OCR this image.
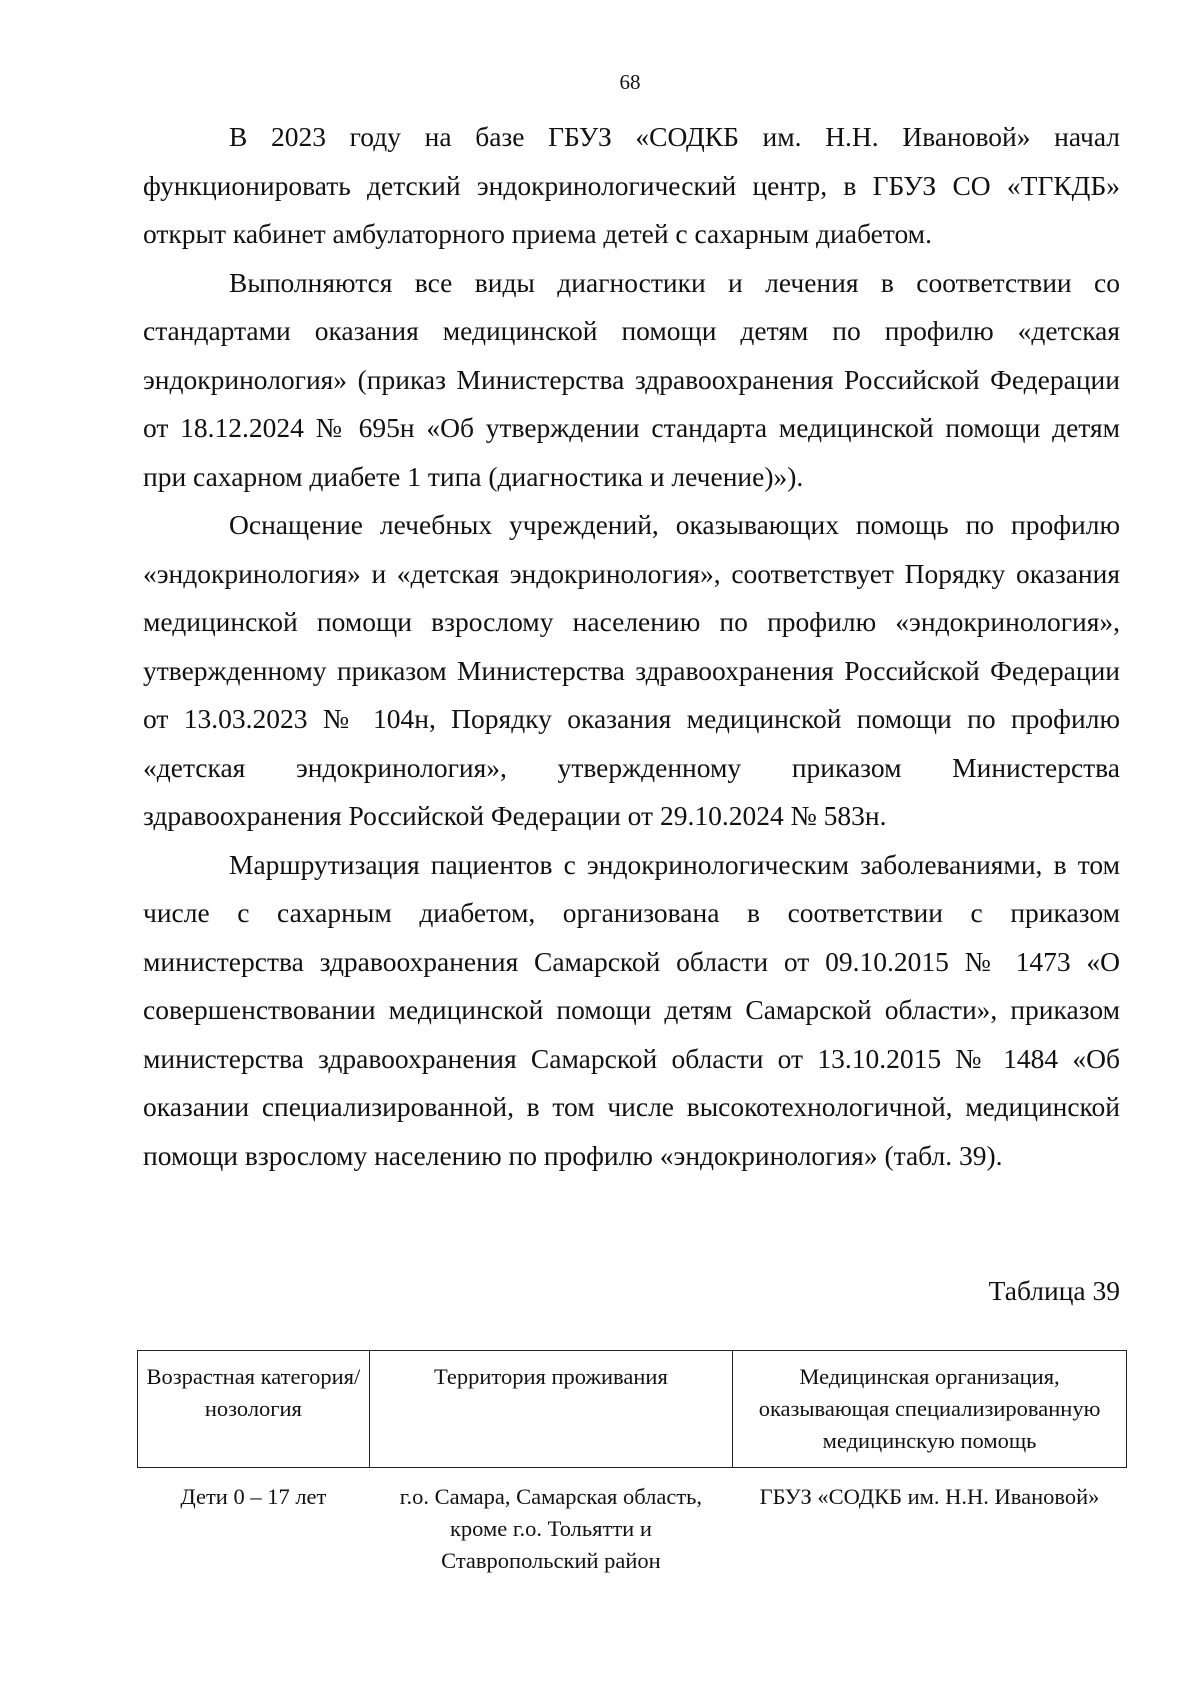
68

В 2023 году на базе ГБУЗ «СОДКБ им. Н.Н. Ивановой» начал функционировать детский эндокринологический центр, в ГБУЗ СО «ТГКДБ» открыт кабинет амбулаторного приема детей с сахарным диабетом.

Выполняются все виды диагностики и лечения в соответствии со стандартами оказания медицинской помощи детям по профилю «детская эндокринология» (приказ Министерства здравоохранения Российской Федерации от 18.12.2024 № 695н «Об утверждении стандарта медицинской помощи детям при сахарном диабете 1 типа (диагностика и лечение)»).

Оснащение лечебных учреждений, оказывающих помощь по профилю «эндокринология» и «детская эндокринология», соответствует Порядку оказания медицинской помощи взрослому населению по профилю «эндокринология», утвержденному приказом Министерства здравоохранения Российской Федерации от 13.03.2023 № 104н, Порядку оказания медицинской помощи по профилю «детская эндокринология», утвержденному приказом Министерства здравоохранения Российской Федерации от 29.10.2024 № 583н.

Маршрутизация пациентов с эндокринологическим заболеваниями, в том числе с сахарным диабетом, организована в соответствии с приказом министерства здравоохранения Самарской области от 09.10.2015 № 1473 «О совершенствовании медицинской помощи детям Самарской области», приказом министерства здравоохранения Самарской области от 13.10.2015 № 1484 «Об оказании специализированной, в том числе высокотехнологичной, медицинской помощи взрослому населению по профилю «эндокринология» (табл. 39).

Таблица 39
Возрастная категория/нозология	Территория проживания	Медицинская организация, оказывающая специализированную медицинскую помощь
Дети 0 – 17 лет	г.о. Самара, Самарская область, кроме г.о. Тольятти и Ставропольский район	ГБУЗ «СОДКБ им. Н.Н. Ивановой»
